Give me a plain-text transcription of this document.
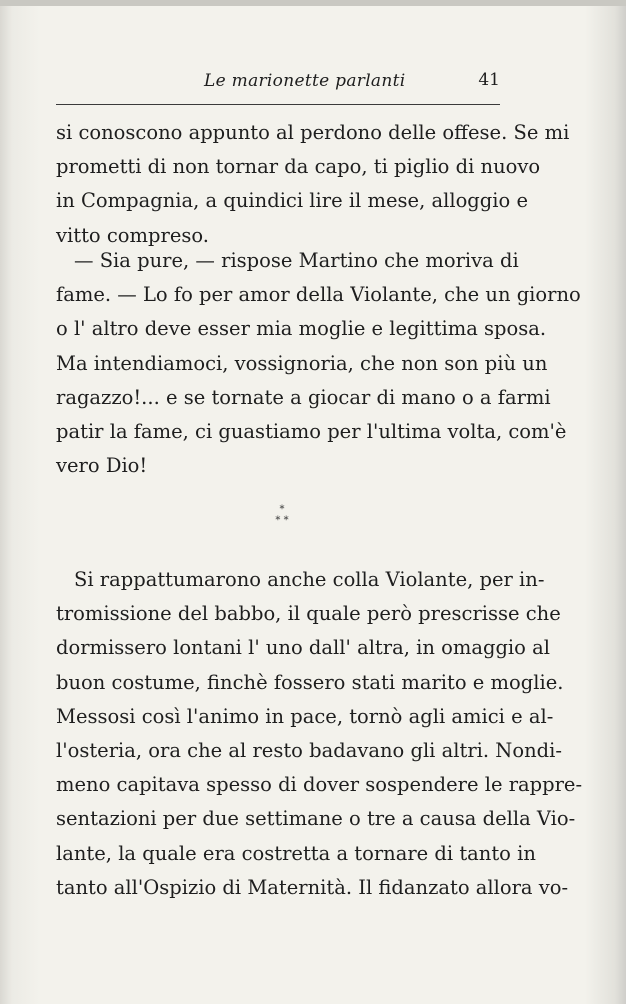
Le marionette parlanti	41
si conoscono appunto al perdono delle offese. Se mi
prometti di non tornar da capo, ti piglio di nuovo
in Compagnia, a quindici lire il mese, alloggio e
vitto compreso.
— Sia pure, — rispose Martino che moriva di
fame. — Lo fo per amor della Violante, che un giorno
o l' altro deve esser mia moglie e legittima sposa.
Ma intendiamoci, vossignoria, che non son più un
ragazzo!... e se tornate a giocar di mano o a farmi
patir la fame, ci guastiamo per l'ultima volta, com'è
vero Dio!
*
* *
Si rappattumarono anche colla Violante, per in-
tromissione del babbo, il quale però prescrisse che
dormissero lontani l' uno dall' altra, in omaggio al
buon costume, finchè fossero stati marito e moglie.
Messosi così l'animo in pace, tornò agli amici e al-
l'osteria, ora che al resto badavano gli altri. Nondi-
meno capitava spesso di dover sospendere le rappre-
sentazioni per due settimane o tre a causa della Vio-
lante, la quale era costretta a tornare di tanto in
tanto all'Ospizio di Maternità. Il fidanzato allora vo-
